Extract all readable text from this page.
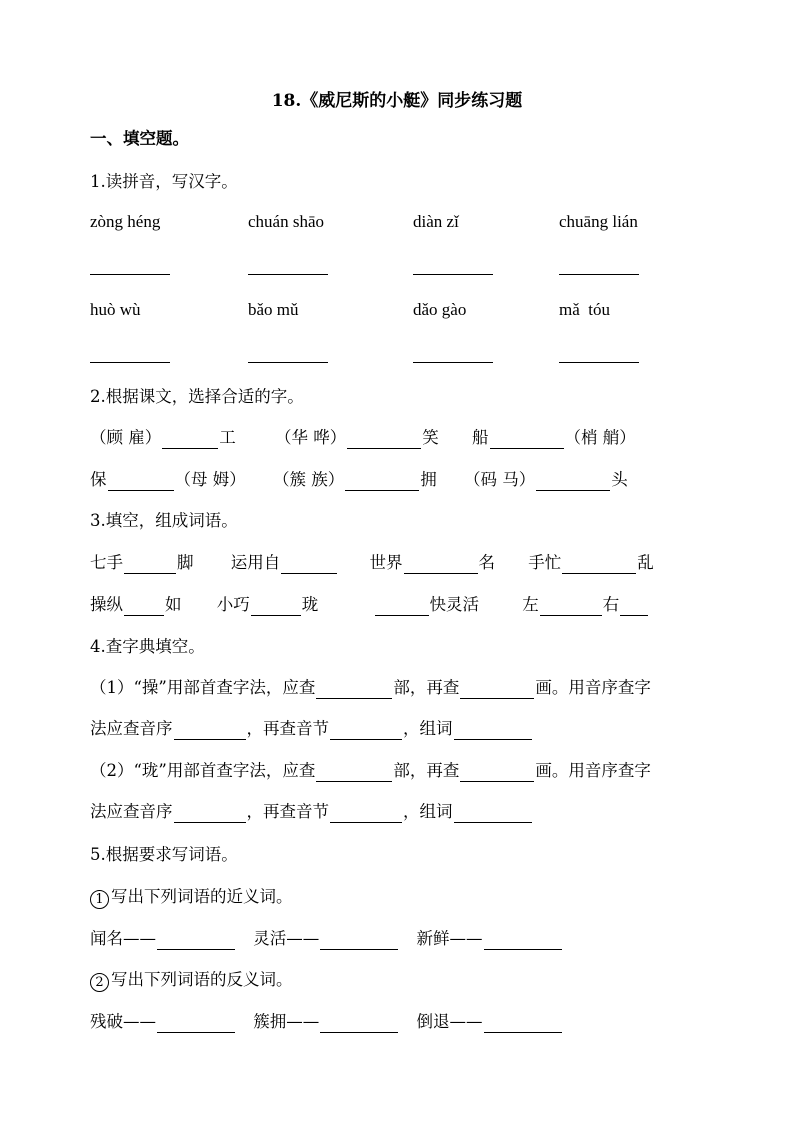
18.《威尼斯的小艇》同步练习题
一、填空题。
1.读拼音，写汉字。
zòng héng	chuán shāo	diàn zǐ	chuāng lián
huò wù	bǎo mǔ	dǎo gào	mǎ  tóu
2.根据课文，选择合适的字。
（顾 雇）	工 （华 哗）	笑 船	（梢 艄）
保	（母 姆） （簇 族）	拥 （码 马）	头
3.填空，组成词语。
七手	脚 运用自	世界	名 手忙	乱
操纵	如 小巧	珑	快灵活	左	右
4.查字典填空。
（1）“操”用部首查字法，应查	部，再查	画。用音序查字
法应查音序	，再查音节	，组词
（2）“珑”用部首查字法，应查	部，再查	画。用音序查字
法应查音序	，再查音节	，组词
5.根据要求写词语。
1 写出下列词语的近义词。
闻名——	灵活——	新鲜——
2 写出下列词语的反义词。
残破——	簇拥——	倒退——
